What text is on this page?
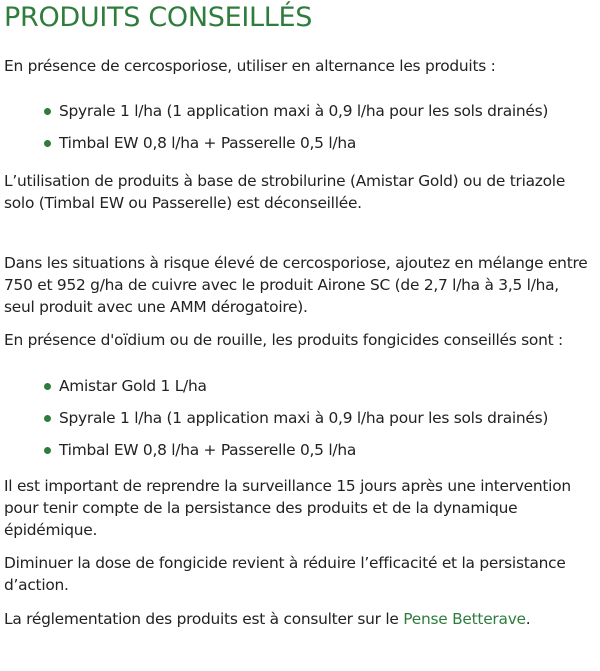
PRODUITS CONSEILLÉS

En présence de cercosporiose, utiliser en alternance les produits :

Spyrale 1 l/ha (1 application maxi à 0,9 l/ha pour les sols drainés)
Timbal EW 0,8 l/ha + Passerelle 0,5 l/ha

L’utilisation de produits à base de strobilurine (Amistar Gold) ou de triazole solo (Timbal EW ou Passerelle) est déconseillée.

Dans les situations à risque élevé de cercosporiose, ajoutez en mélange entre 750 et 952 g/ha de cuivre avec le produit Airone SC (de 2,7 l/ha à 3,5 l/ha, seul produit avec une AMM dérogatoire).

En présence d'oïdium ou de rouille, les produits fongicides conseillés sont :

Amistar Gold 1 L/ha
Spyrale 1 l/ha (1 application maxi à 0,9 l/ha pour les sols drainés)
Timbal EW 0,8 l/ha + Passerelle 0,5 l/ha

Il est important de reprendre la surveillance 15 jours après une intervention pour tenir compte de la persistance des produits et de la dynamique épidémique.

Diminuer la dose de fongicide revient à réduire l’efficacité et la persistance d’action.

La réglementation des produits est à consulter sur le Pense Betterave.
